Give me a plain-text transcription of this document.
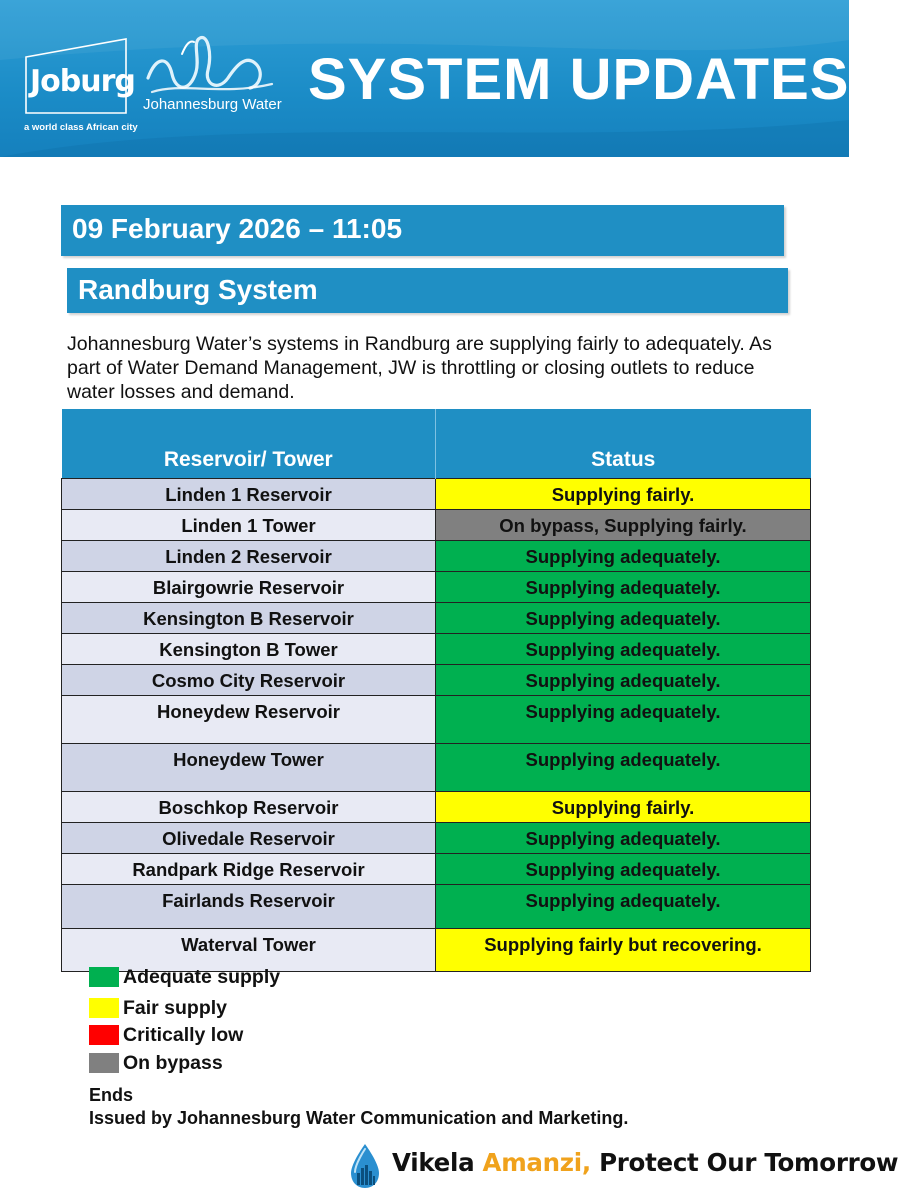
Joburg
a world class African city
Johannesburg Water SYSTEM UPDATES
09 February 2026 – 11:05
Randburg System
Johannesburg Water’s systems in Randburg are supplying fairly to adequately. As part of Water Demand Management, JW is throttling or closing outlets to reduce water losses and demand.
Reservoir/ Tower	Status
Linden 1 Reservoir	Supplying fairly.
Linden 1 Tower	On bypass, Supplying fairly.
Linden 2 Reservoir	Supplying adequately.
Blairgowrie Reservoir	Supplying adequately.
Kensington B Reservoir	Supplying adequately.
Kensington B Tower	Supplying adequately.
Cosmo City Reservoir	Supplying adequately.
Honeydew Reservoir	Supplying adequately.
Honeydew Tower	Supplying adequately.
Boschkop Reservoir	Supplying fairly.
Olivedale Reservoir	Supplying adequately.
Randpark Ridge Reservoir	Supplying adequately.
Fairlands Reservoir	Supplying adequately.
Waterval Tower	Supplying fairly but recovering.
Adequate supply
Fair supply
Critically low
On bypass
Ends
Issued by Johannesburg Water Communication and Marketing.
Vikela Amanzi, Protect Our Tomorrow
